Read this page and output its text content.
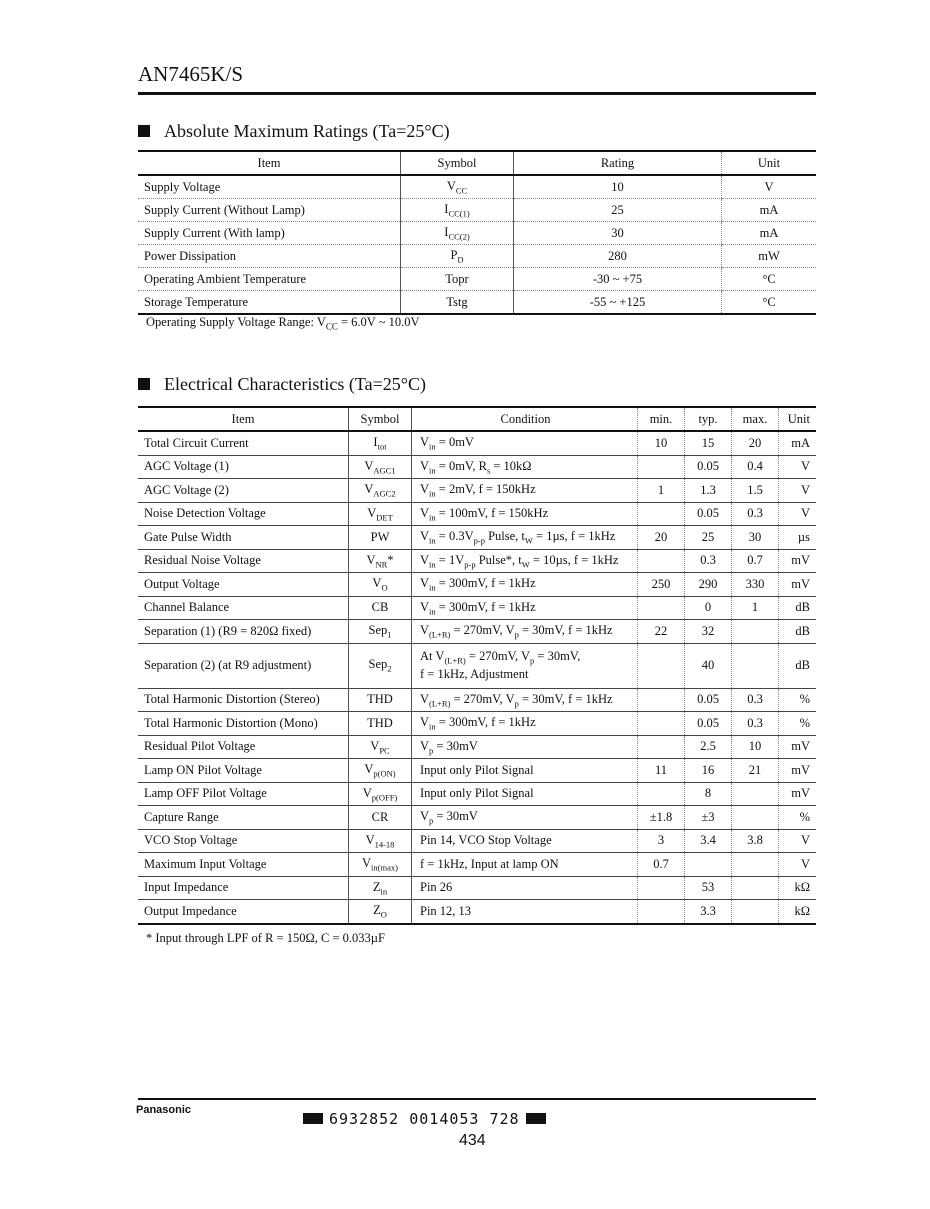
AN7465K/S
Absolute Maximum Ratings (Ta=25°C)
Item	Symbol	Rating	Unit
Supply Voltage	$V_{CC}$	10	V
Supply Current (Without Lamp)	$I_{CC(1)}$	25	mA
Supply Current (With lamp)	$I_{CC(2)}$	30	mA
Power Dissipation	$P_D$	280	mW
Operating Ambient Temperature	Topr	-30 ~ +75	°C
Storage Temperature	Tstg	-55 ~ +125	°C
Operating Supply Voltage Range: $V_{CC} = 6.0V$ ~ 10.0V
Electrical Characteristics (Ta=25°C)
Item	Symbol	Condition	min.	typ.	max.	Unit
Total Circuit Current	$I_{tot}$	$V_{in} = 0mV$	10	15	20	mA
AGC Voltage (1)	$V_{AGC1}$	$V_{in} = 0mV$, $R_s = 10k\Omega$		0.05	0.4	V
AGC Voltage (2)	$V_{AGC2}$	$V_{in} = 2mV$, f = 150kHz	1	1.3	1.5	V
Noise Detection Voltage	$V_{DET}$	$V_{in} = 100mV$, f = 150kHz		0.05	0.3	V
Gate Pulse Width	PW	$V_{in} = 0.3V_{p-p}$ Pulse, $t_W = 1\mu s$, f = 1kHz	20	25	30	µs
Residual Noise Voltage	$V_{NR}*$	$V_{in} = 1V_{p-p}$ Pulse*, $t_W = 10\mu s$, f = 1kHz		0.3	0.7	mV
Output Voltage	$V_O$	$V_{in} = 300mV$, f = 1kHz	250	290	330	mV
Channel Balance	CB	$V_{in} = 300mV$, f = 1kHz		0	1	dB
Separation (1) (R9 = 820Ω fixed)	Sep$_1$	$V_{(L+R)} = 270mV$, $V_p = 30mV$, f = 1kHz	22	32		dB
Separation (2) (at R9 adjustment)	Sep$_2$	At $V_{(L+R)} = 270mV$, $V_p = 30mV$,
f = 1kHz, Adjustment		40		dB
Total Harmonic Distortion (Stereo)	THD	$V_{(L+R)} = 270mV$, $V_p = 30mV$, f = 1kHz		0.05	0.3	%
Total Harmonic Distortion (Mono)	THD	$V_{in} = 300mV$, f = 1kHz		0.05	0.3	%
Residual Pilot Voltage	$V_{PC}$	$V_p = 30mV$		2.5	10	mV
Lamp ON Pilot Voltage	$V_{p(ON)}$	Input only Pilot Signal	11	16	21	mV
Lamp OFF Pilot Voltage	$V_{p(OFF)}$	Input only Pilot Signal		8		mV
Capture Range	CR	$V_p = 30mV$	±1.8	±3		%
VCO Stop Voltage	$V_{14-18}$	Pin 14, VCO Stop Voltage	3	3.4	3.8	V
Maximum Input Voltage	$V_{in(max)}$	f = 1kHz, Input at lamp ON	0.7			V
Input Impedance	$Z_{in}$	Pin 26		53		kΩ
Output Impedance	$Z_O$	Pin 12, 13		3.3		kΩ
* Input through LPF of R = 150Ω, C = 0.033µF
Panasonic	6932852 0014053 728
434
